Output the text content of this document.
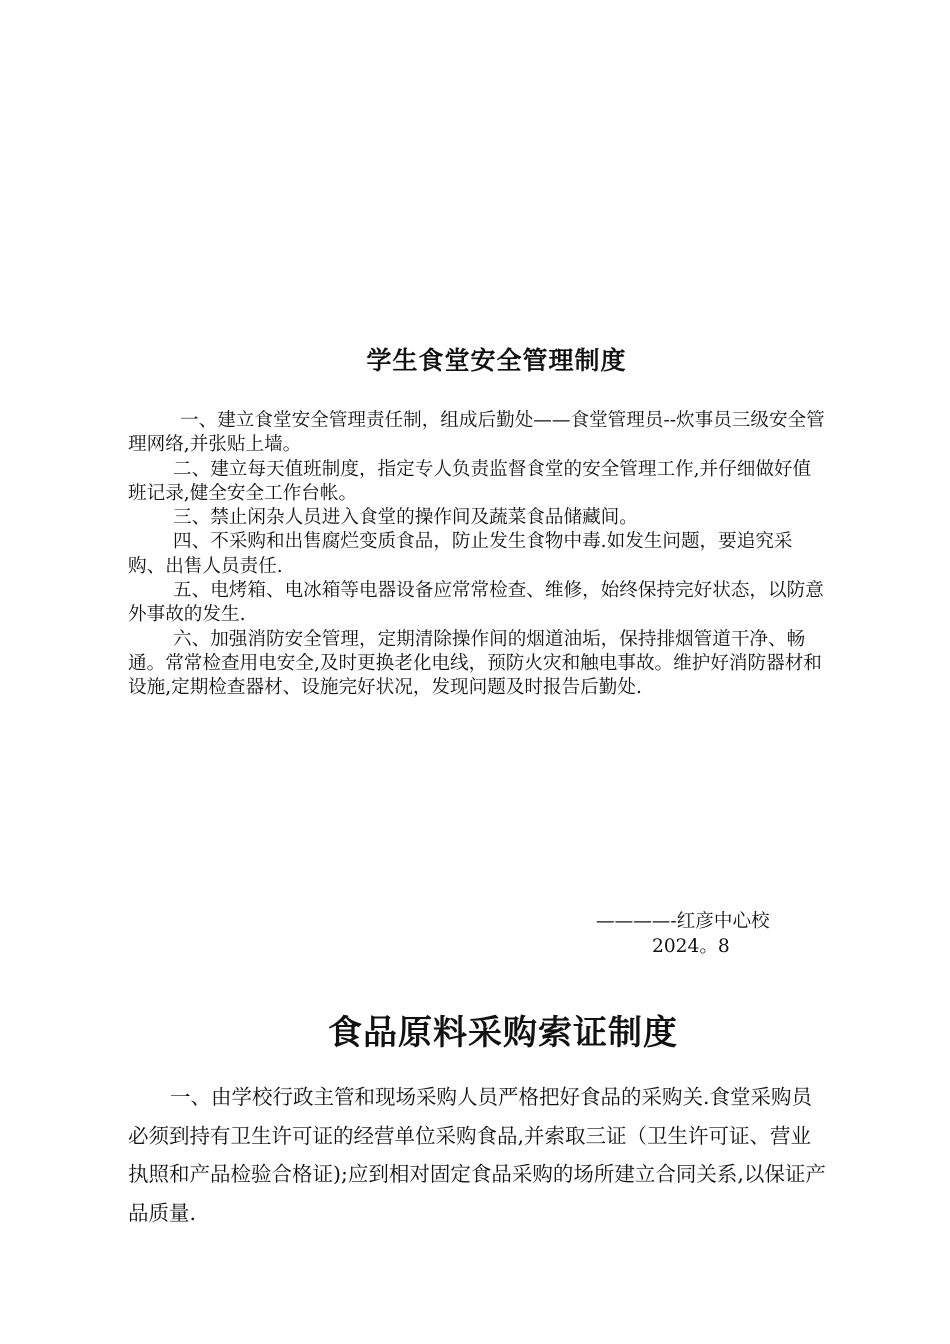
学生食堂安全管理制度

一、建立食堂安全管理责任制，组成后勤处——食堂管理员--炊事员三级安全管理网络,并张贴上墙。

二、建立每天值班制度，指定专人负责监督食堂的安全管理工作,并仔细做好值班记录,健全安全工作台帐。

三、禁止闲杂人员进入食堂的操作间及蔬菜食品储藏间。

四、不采购和出售腐烂变质食品，防止发生食物中毒.如发生问题，要追究采购、出售人员责任.

五、电烤箱、电冰箱等电器设备应常常检查、维修，始终保持完好状态，以防意外事故的发生.

六、加强消防安全管理，定期清除操作间的烟道油垢，保持排烟管道干净、畅通。常常检查用电安全,及时更换老化电线，预防火灾和触电事故。维护好消防器材和设施,定期检查器材、设施完好状况，发现问题及时报告后勤处.

————-红彦中心校
2024。8
食品原料采购索证制度

一、由学校行政主管和现场采购人员严格把好食品的采购关.食堂采购员必须到持有卫生许可证的经营单位采购食品,并索取三证（卫生许可证、营业执照和产品检验合格证);应到相对固定食品采购的场所建立合同关系,以保证产品质量.
